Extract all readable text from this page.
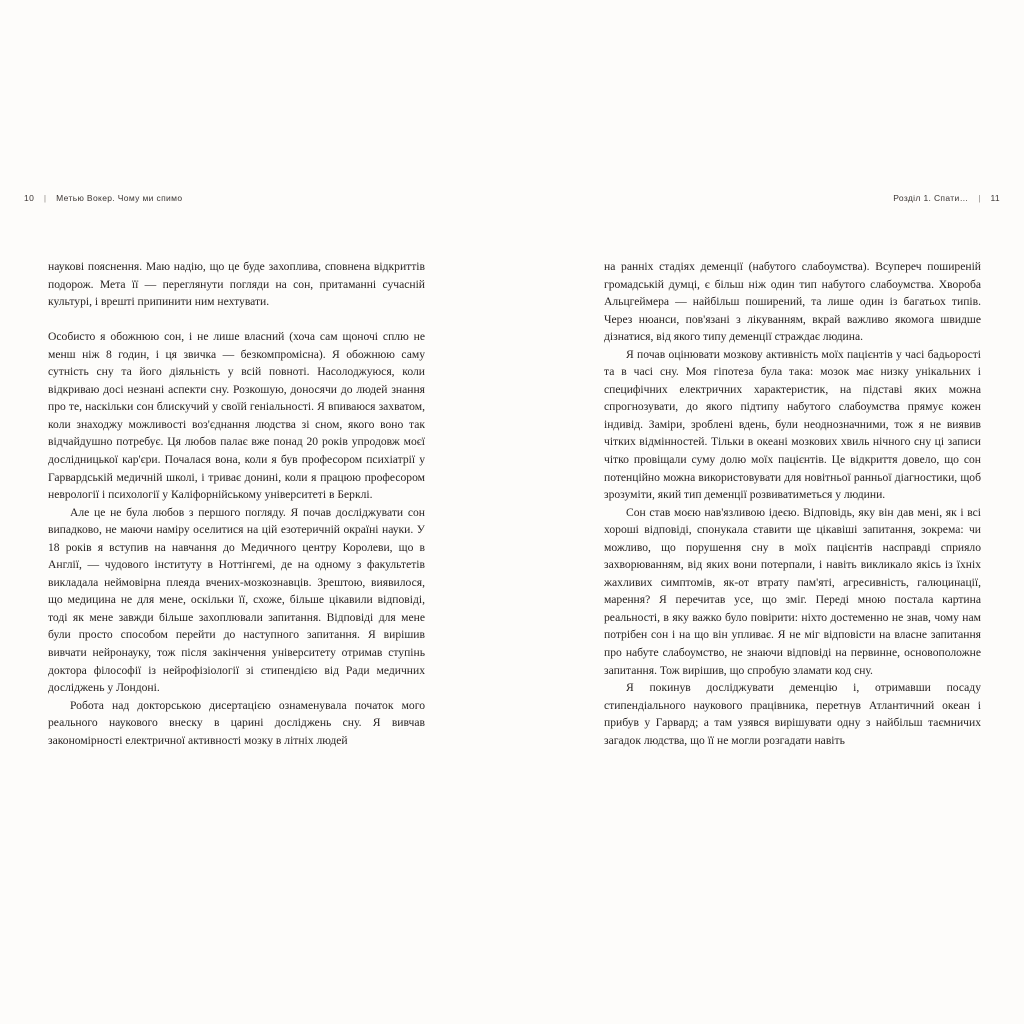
10 | Метью Вокер. Чому ми спимо	Розділ 1. Спати… | 11

наукові пояснення. Маю надію, що це буде захоплива, сповнена відкриттів подорож. Мета її — переглянути погляди на сон, притаманні сучасній культурі, і врешті припинити ним нехтувати.

Особисто я обожнюю сон, і не лише власний (хоча сам щоночі сплю не менш ніж 8 годин, і ця звичка — безкомпромісна). Я обожнюю саму сутність сну та його діяльність у всій повноті. Насолоджуюся, коли відкриваю досі незнані аспекти сну. Розкошую, доносячи до людей знання про те, наскільки сон блискучий у своїй геніальності. Я впиваюся захватом, коли знаходжу можливості воз'єднання людства зі сном, якого воно так відчайдушно потребує. Ця любов палає вже понад 20 років упродовж моєї дослідницької кар'єри. Почалася вона, коли я був професором психіатрії у Гарвардській медичній школі, і триває донині, коли я працюю професором неврології і психології у Каліфорнійському університеті в Берклі.

Але це не була любов з першого погляду. Я почав досліджувати сон випадково, не маючи наміру оселитися на цій езотеричній окраїні науки. У 18 років я вступив на навчання до Медичного центру Королеви, що в Англії, — чудового інституту в Ноттінгемі, де на одному з факультетів викладала неймовірна плеяда вчених-мозкознавців. Зрештою, виявилося, що медицина не для мене, оскільки її, схоже, більше цікавили відповіді, тоді як мене завжди більше захоплювали запитання. Відповіді для мене були просто способом перейти до наступного запитання. Я вирішив вивчати нейронауку, тож після закінчення університету отримав ступінь доктора філософії із нейрофізіології зі стипендією від Ради медичних досліджень у Лондоні.

Робота над докторською дисертацією ознаменувала початок мого реального наукового внеску в царині досліджень сну. Я вивчав закономірності електричної активності мозку в літніх людей

на ранніх стадіях деменції (набутого слабоумства). Всупереч поширеній громадській думці, є більш ніж один тип набутого слабоумства. Хвороба Альцгеймера — найбільш поширений, та лише один із багатьох типів. Через нюанси, пов'язані з лікуванням, вкрай важливо якомога швидше дізнатися, від якого типу деменції страждає людина.

Я почав оцінювати мозкову активність моїх пацієнтів у часі бадьорості та в часі сну. Моя гіпотеза була така: мозок має низку унікальних і специфічних електричних характеристик, на підставі яких можна спрогнозувати, до якого підтипу набутого слабоумства прямує кожен індивід. Заміри, зроблені вдень, були неоднозначними, тож я не виявив чітких відмінностей. Тільки в океані мозкових хвиль нічного сну ці записи чітко провіщали суму долю моїх пацієнтів. Це відкриття довело, що сон потенційно можна використовувати для новітньої ранньої діагностики, щоб зрозуміти, який тип деменції розвиватиметься у людини.

Сон став моєю нав'язливою ідеєю. Відповідь, яку він дав мені, як і всі хороші відповіді, спонукала ставити ще цікавіші запитання, зокрема: чи можливо, що порушення сну в моїх пацієнтів насправді сприяло захворюванням, від яких вони потерпали, і навіть викликало якісь із їхніх жахливих симптомів, як-от втрату пам'яті, агресивність, галюцинації, марення? Я перечитав усе, що зміг. Переді мною постала картина реальності, в яку важко було повірити: ніхто достеменно не знав, чому нам потрібен сон і на що він упливає. Я не міг відповісти на власне запитання про набуте слабоумство, не знаючи відповіді на первинне, основоположне запитання. Тож вирішив, що спробую зламати код сну.

Я покинув досліджувати деменцію і, отримавши посаду стипендіального наукового працівника, перетнув Атлантичний океан і прибув у Гарвард; а там узявся вирішувати одну з найбільш таємничих загадок людства, що її не могли розгадати навіть
